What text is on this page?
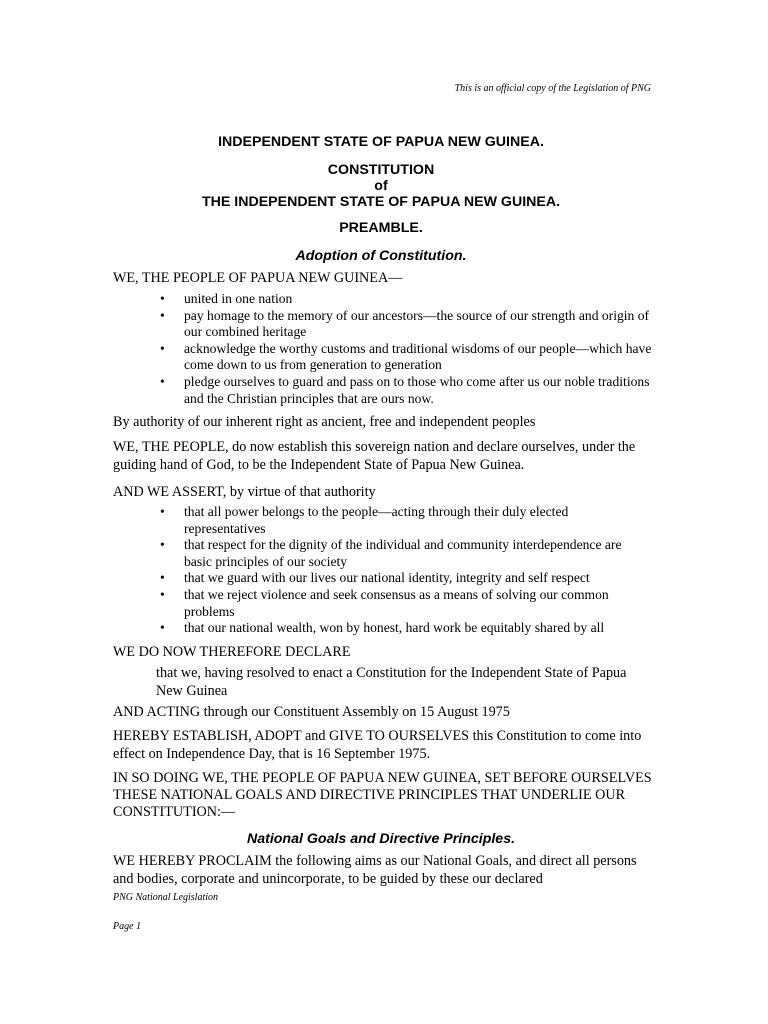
This is an official copy of the Legislation of PNG

INDEPENDENT STATE OF PAPUA NEW GUINEA.

CONSTITUTION

of

THE INDEPENDENT STATE OF PAPUA NEW GUINEA.

PREAMBLE.

Adoption of Constitution.

WE, THE PEOPLE OF PAPUA NEW GUINEA—

• united in one nation
• pay homage to the memory of our ancestors—the source of our strength and origin of our combined heritage
• acknowledge the worthy customs and traditional wisdoms of our people—which have come down to us from generation to generation
• pledge ourselves to guard and pass on to those who come after us our noble traditions and the Christian principles that are ours now.

By authority of our inherent right as ancient, free and independent peoples

WE, THE PEOPLE, do now establish this sovereign nation and declare ourselves, under the guiding hand of God, to be the Independent State of Papua New Guinea.

AND WE ASSERT, by virtue of that authority

• that all power belongs to the people—acting through their duly elected representatives
• that respect for the dignity of the individual and community interdependence are basic principles of our society
• that we guard with our lives our national identity, integrity and self respect
• that we reject violence and seek consensus as a means of solving our common problems
• that our national wealth, won by honest, hard work be equitably shared by all

WE DO NOW THEREFORE DECLARE

that we, having resolved to enact a Constitution for the Independent State of Papua New Guinea

AND ACTING through our Constituent Assembly on 15 August 1975

HEREBY ESTABLISH, ADOPT and GIVE TO OURSELVES this Constitution to come into effect on Independence Day, that is 16 September 1975.

IN SO DOING WE, THE PEOPLE OF PAPUA NEW GUINEA, SET BEFORE OURSELVES THESE NATIONAL GOALS AND DIRECTIVE PRINCIPLES THAT UNDERLIE OUR CONSTITUTION:—

National Goals and Directive Principles.

WE HEREBY PROCLAIM the following aims as our National Goals, and direct all persons and bodies, corporate and unincorporate, to be guided by these our declared

PNG National Legislation

Page 1
